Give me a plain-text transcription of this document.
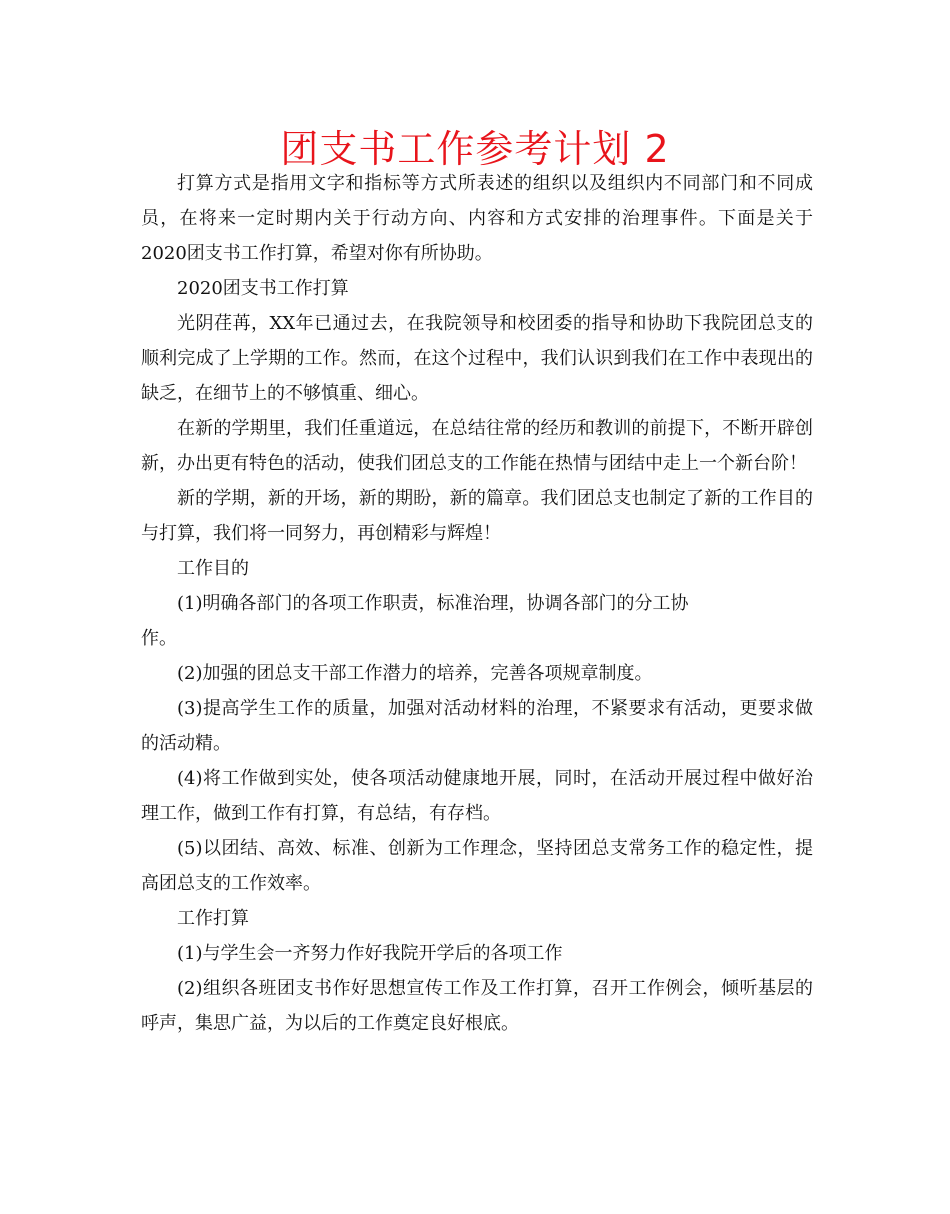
团支书工作参考计划 2

打算方式是指用文字和指标等方式所表述的组织以及组织内不同部门和不同成员，在将来一定时期内关于行动方向、内容和方式安排的治理事件。下面是关于2020团支书工作打算，希望对你有所协助。

2020团支书工作打算

光阴荏苒，XX年已通过去，在我院领导和校团委的指导和协助下我院团总支的顺利完成了上学期的工作。然而，在这个过程中，我们认识到我们在工作中表现出的缺乏，在细节上的不够慎重、细心。

在新的学期里，我们任重道远，在总结往常的经历和教训的前提下，不断开辟创新，办出更有特色的活动，使我们团总支的工作能在热情与团结中走上一个新台阶！

新的学期，新的开场，新的期盼，新的篇章。我们团总支也制定了新的工作目的与打算，我们将一同努力，再创精彩与辉煌！

工作目的

(1)明确各部门的各项工作职责，标准治理，协调各部门的分工协

作。

(2)加强的团总支干部工作潜力的培养，完善各项规章制度。

(3)提高学生工作的质量，加强对活动材料的治理，不紧要求有活动，更要求做的活动精。

(4)将工作做到实处，使各项活动健康地开展，同时，在活动开展过程中做好治理工作，做到工作有打算，有总结，有存档。

(5)以团结、高效、标准、创新为工作理念，坚持团总支常务工作的稳定性，提高团总支的工作效率。

工作打算

(1)与学生会一齐努力作好我院开学后的各项工作

(2)组织各班团支书作好思想宣传工作及工作打算，召开工作例会，倾听基层的呼声，集思广益，为以后的工作奠定良好根底。
